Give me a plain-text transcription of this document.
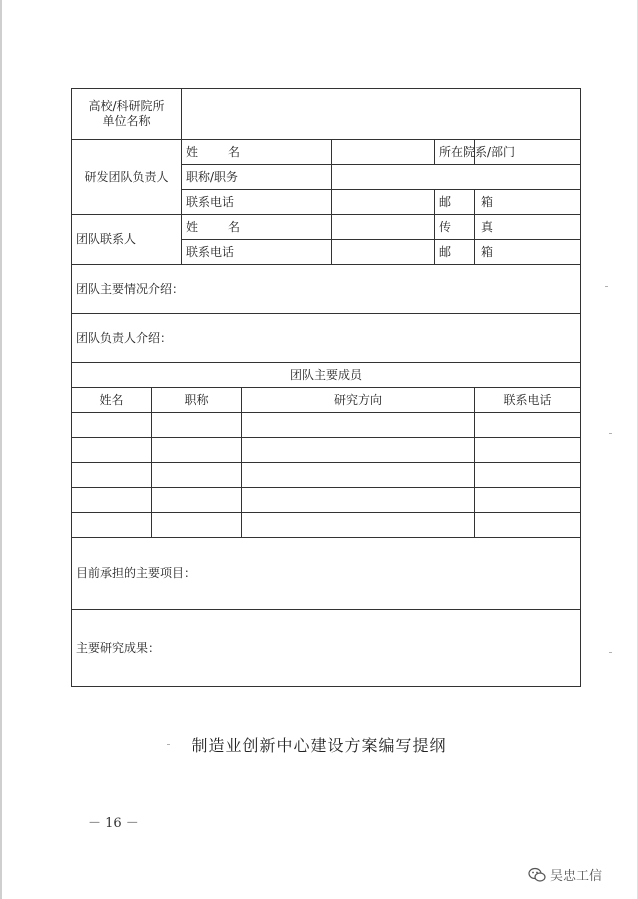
高校/科研院所
单位名称						
研发团队负责人		姓 名			所在院系/部门	
		职称/职务				
		联系电话			邮 箱	
团队联系人		姓 名			传 真	
		联系电话			邮 箱	
团队主要情况介绍：						
团队负责人介绍：						
团队主要成员						
姓名	职称		研究方向			联系电话

目前承担的主要项目：						
主要研究成果：						
制造业创新中心建设方案编写提纲
－ 16 －
吴忠工信
